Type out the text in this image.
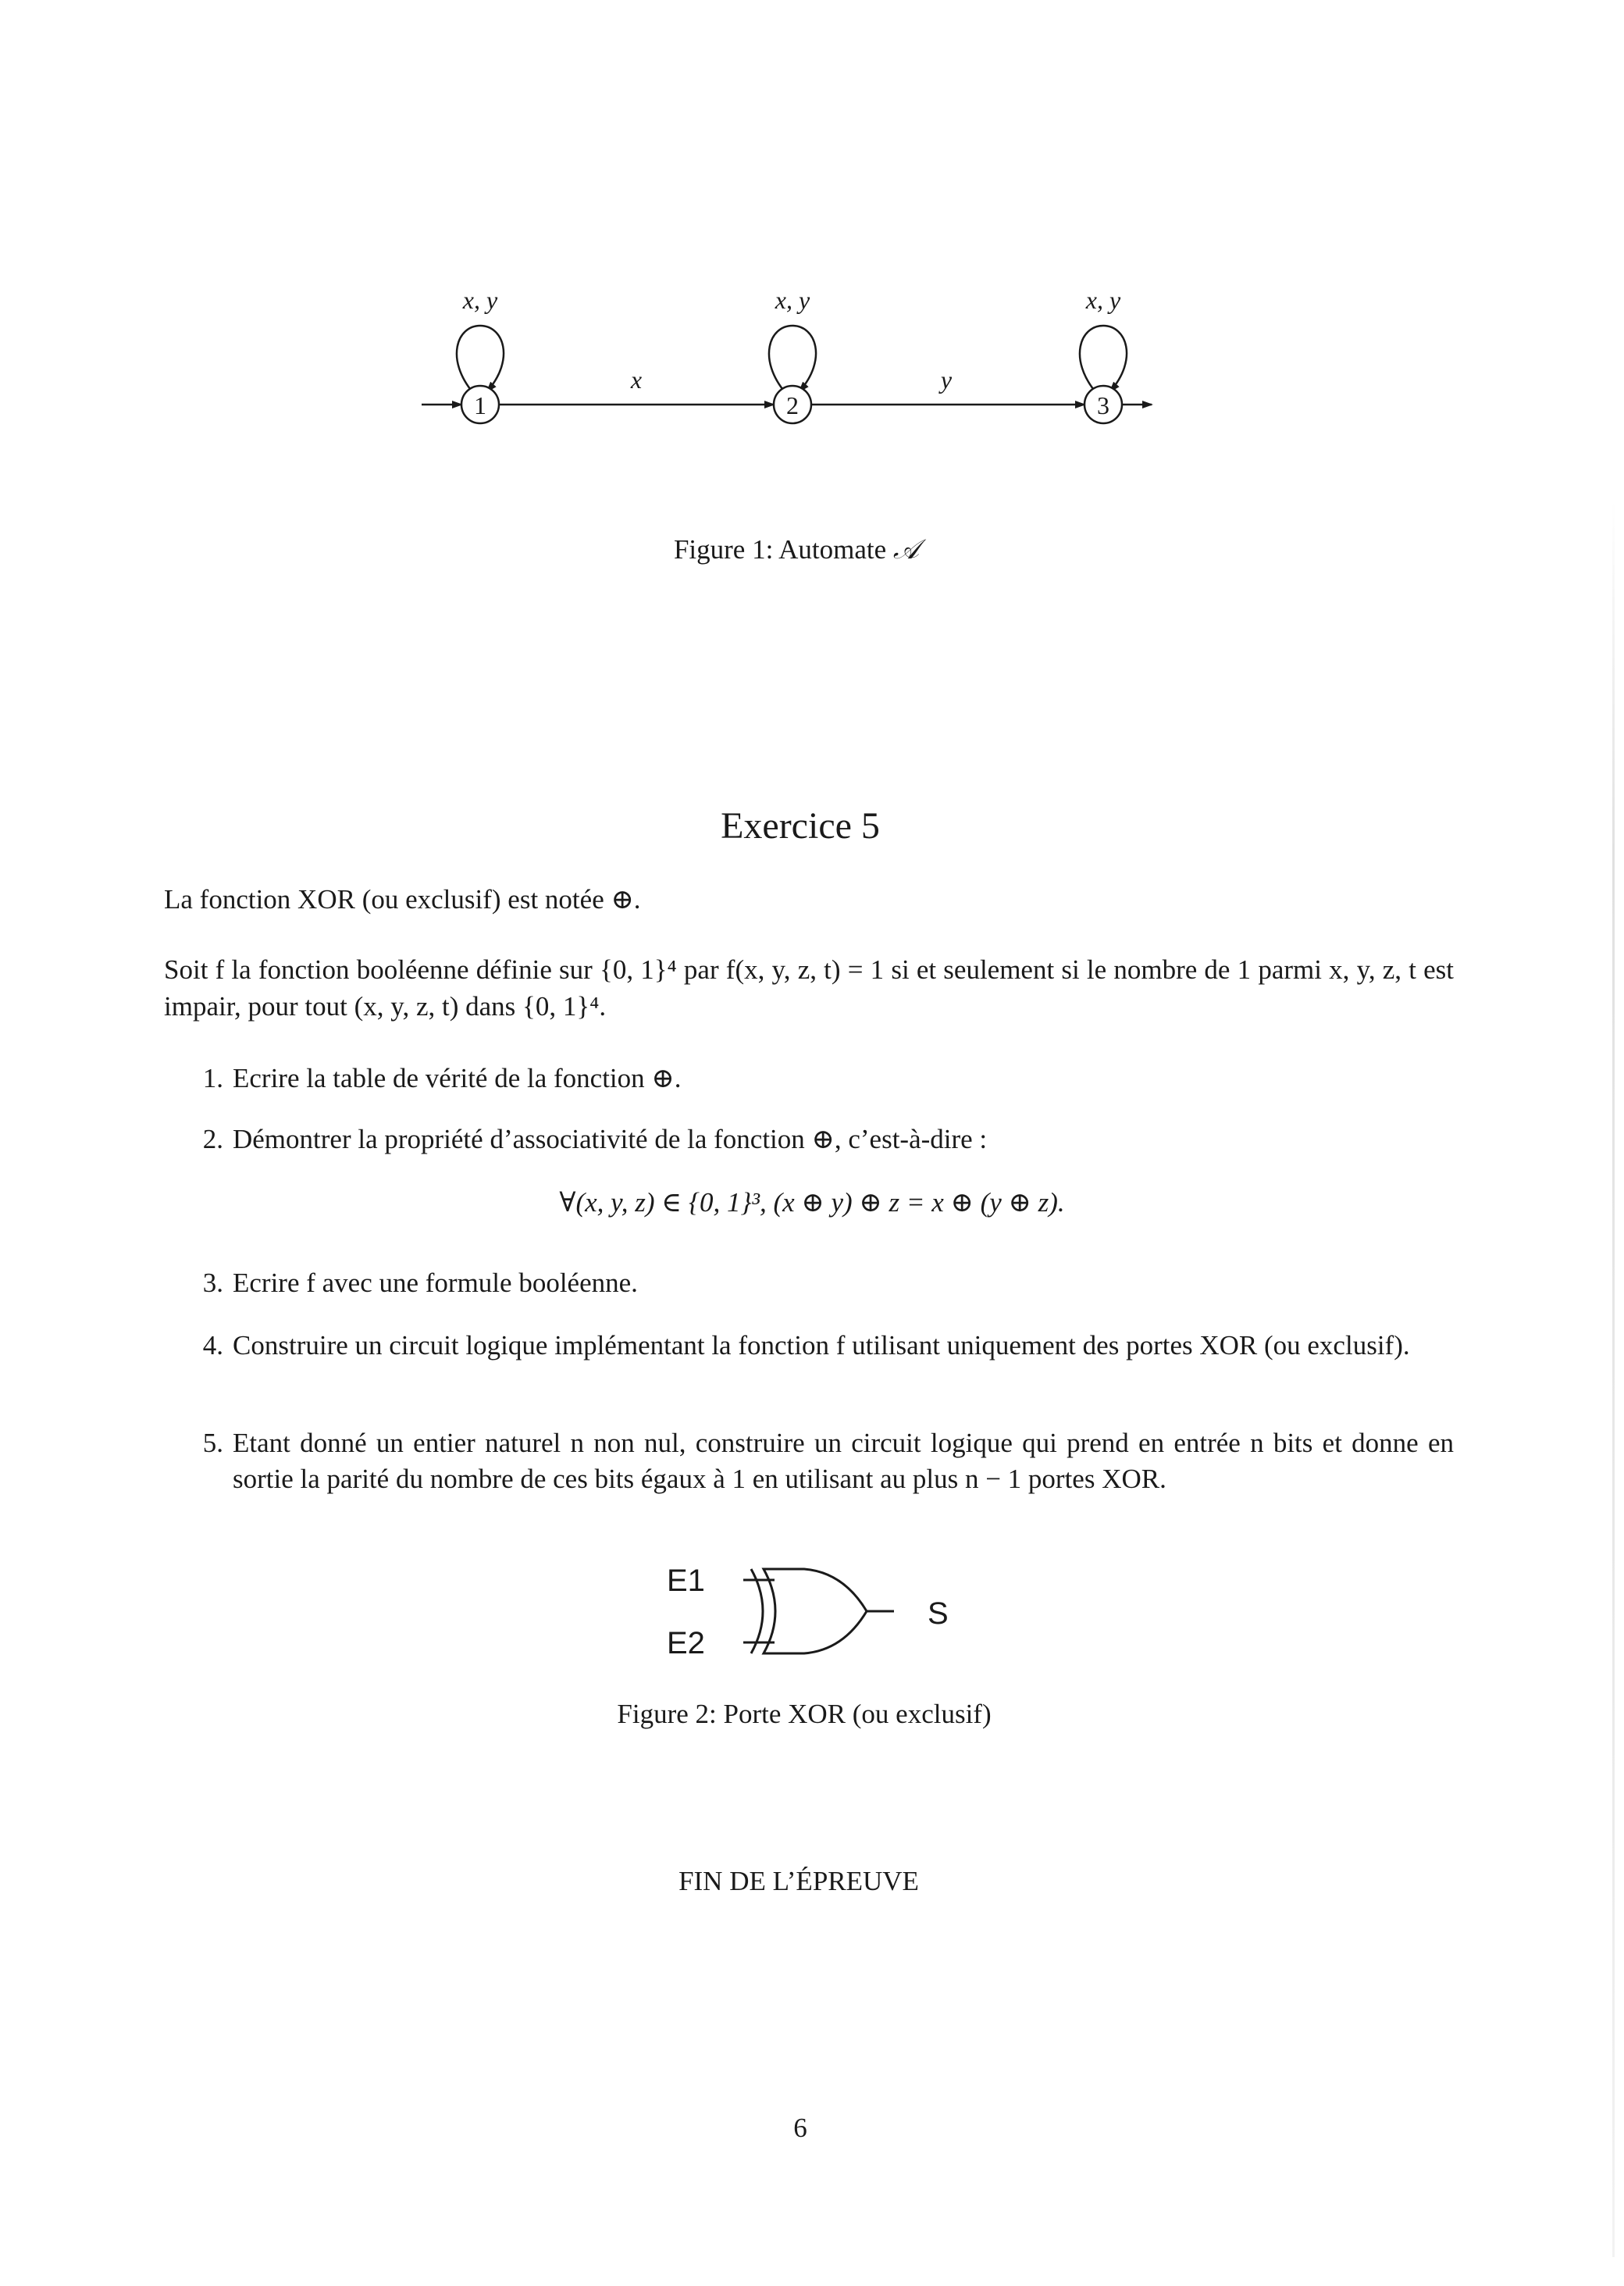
1	2	3
x, y	x, y	x, y
x	y
Figure 1: Automate 𝒜
Exercice 5
La fonction XOR (ou exclusif) est notée ⊕.
Soit f la fonction booléenne définie sur {0, 1}⁴ par f(x, y, z, t) = 1 si et seulement si le nombre de 1 parmi x, y, z, t est impair, pour tout (x, y, z, t) dans {0, 1}⁴.
1. Ecrire la table de vérité de la fonction ⊕.
2. Démontrer la propriété d’associativité de la fonction ⊕, c’est-à-dire :
∀(x, y, z) ∈ {0, 1}³, (x ⊕ y) ⊕ z = x ⊕ (y ⊕ z).
3. Ecrire f avec une formule booléenne.
4. Construire un circuit logique implémentant la fonction f utilisant uniquement des portes XOR (ou exclusif).
5. Etant donné un entier naturel n non nul, construire un circuit logique qui prend en entrée n bits et donne en sortie la parité du nombre de ces bits égaux à 1 en utilisant au plus n − 1 portes XOR.
E1
E2
S
Figure 2: Porte XOR (ou exclusif)
FIN DE L’ÉPREUVE
6
